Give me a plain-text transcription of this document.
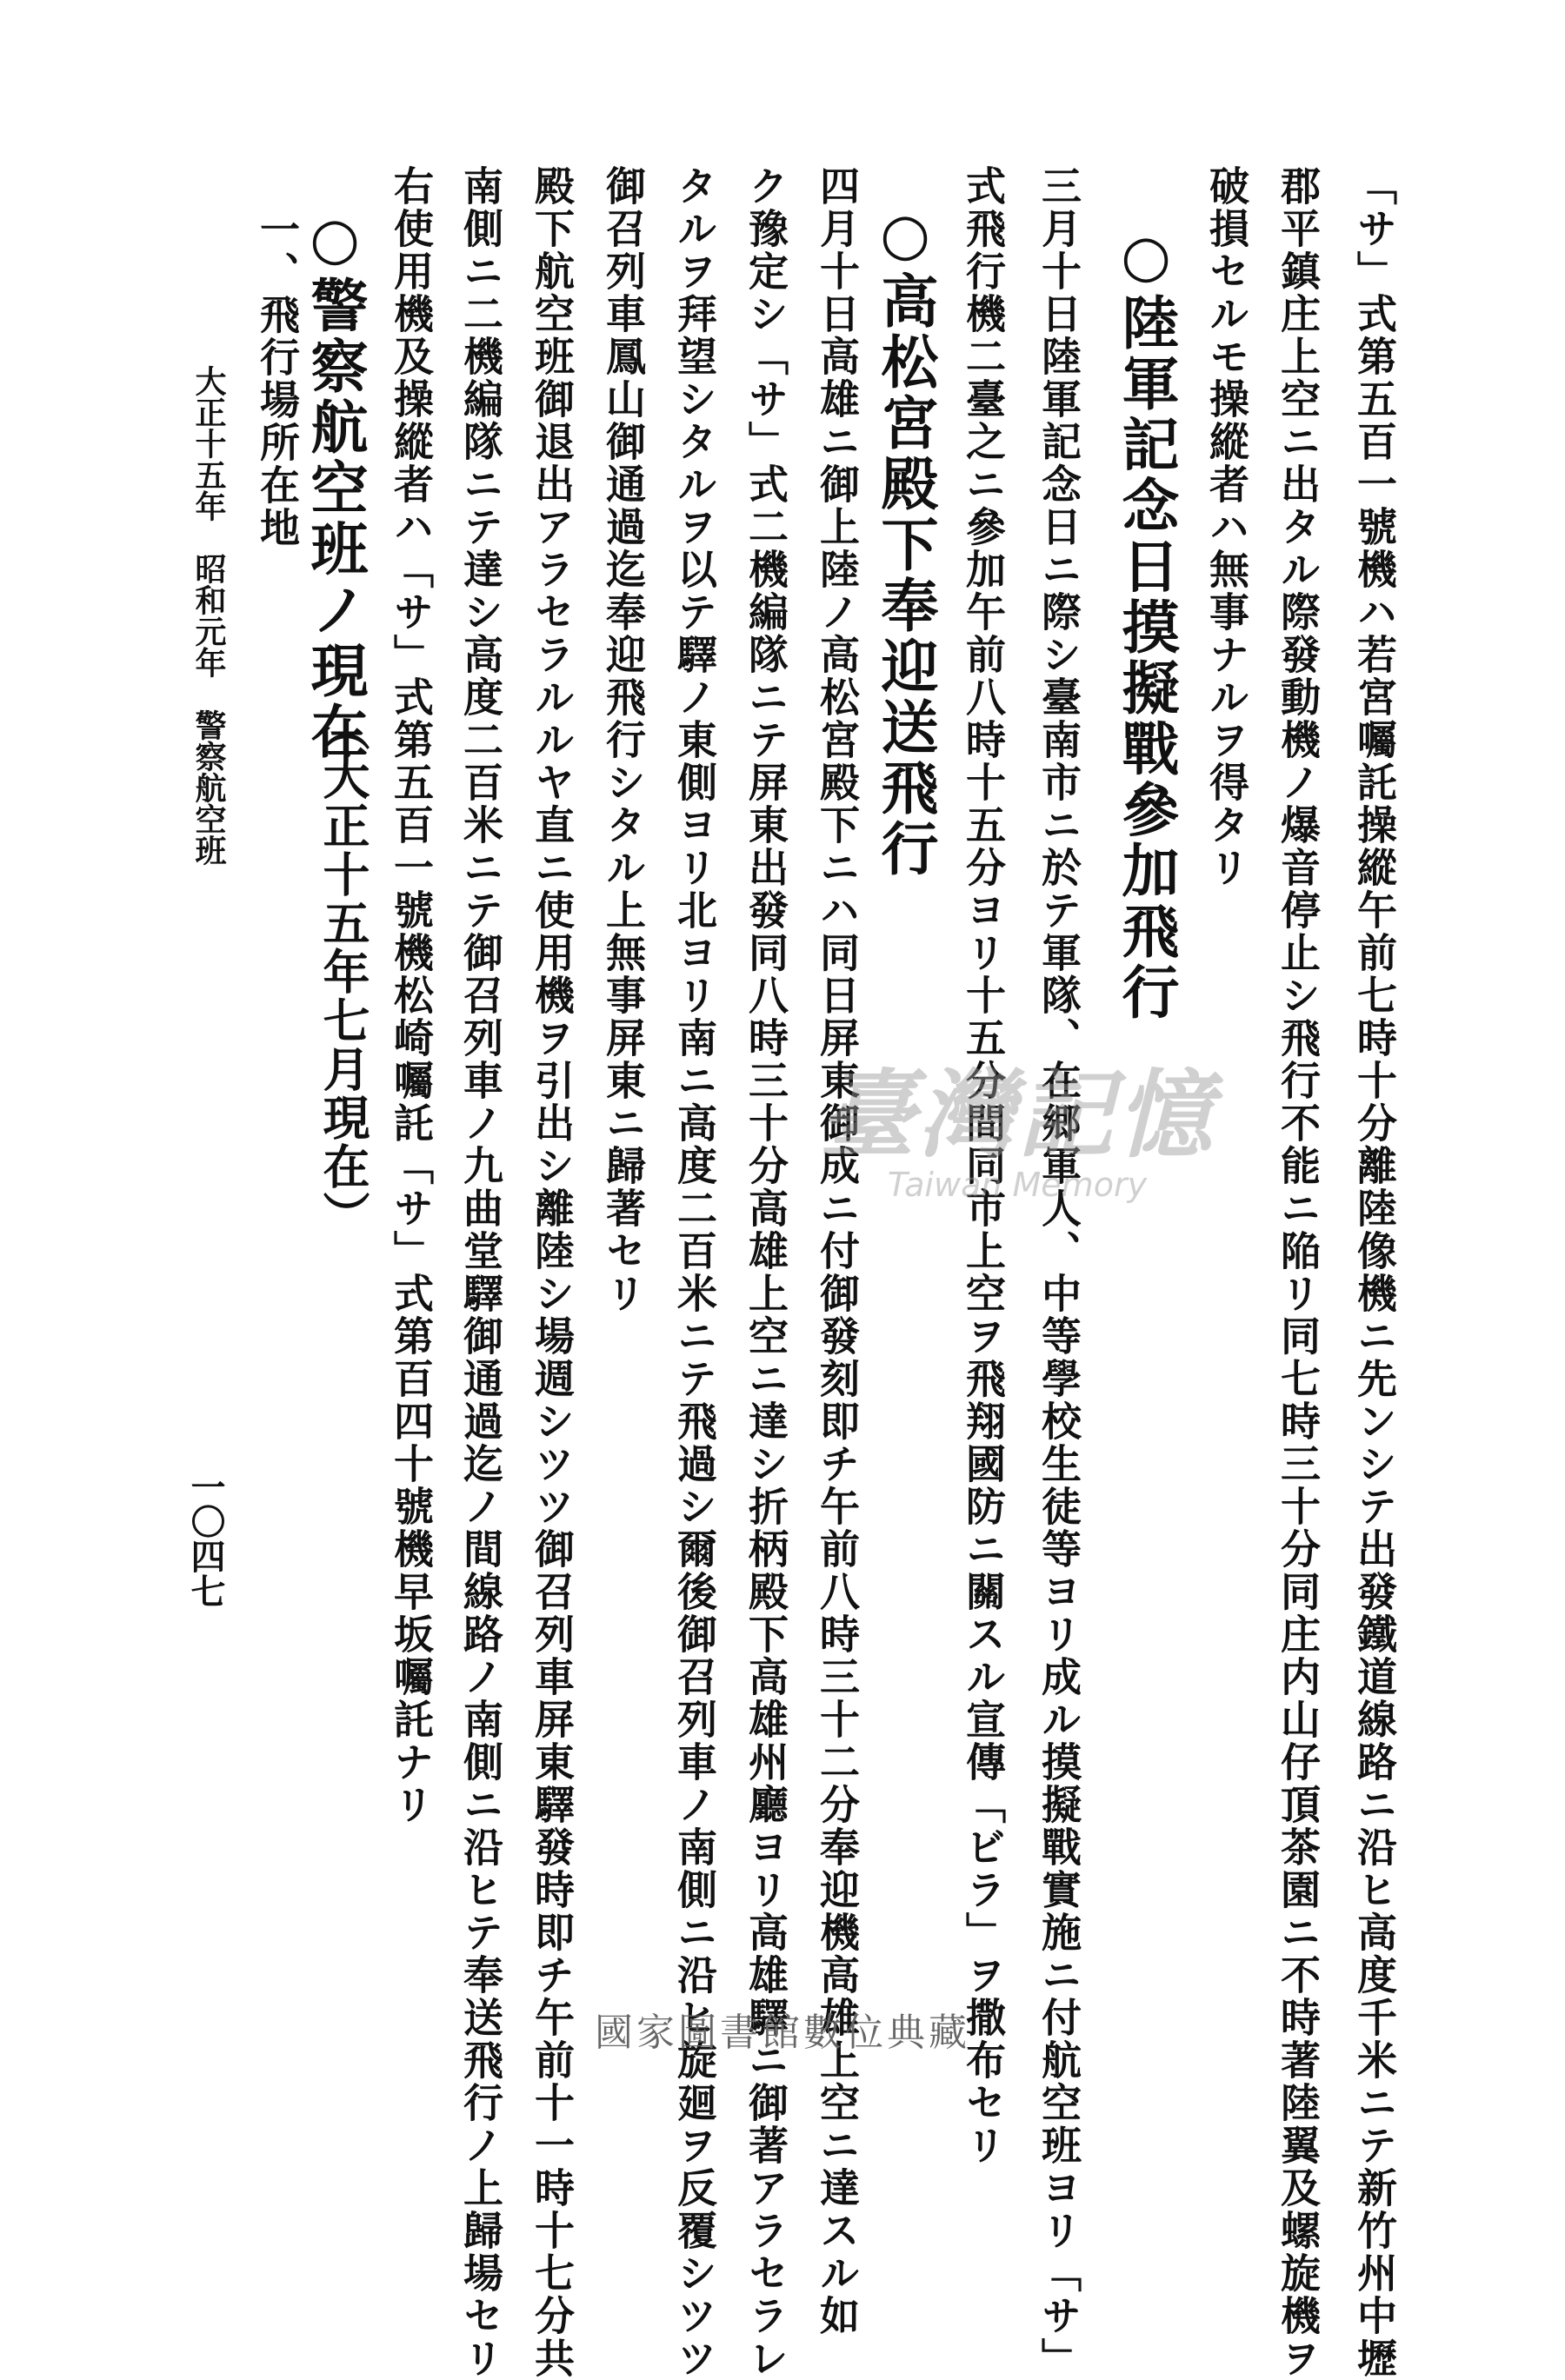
「サ」式第五百一號機ハ若宮囑託操縱午前七時十分離陸像機ニ先ンシテ出發鐵道線路ニ沿ヒ高度千米ニテ新竹州中壢
郡平鎮庄上空ニ出タル際發動機ノ爆音停止シ飛行不能ニ陥リ同七時三十分同庄内山仔頂茶園ニ不時著陸翼及螺旋機ヲ
破損セルモ操縱者ハ無事ナルヲ得タリ
○陸軍記念日摸擬戰參加飛行
三月十日陸軍記念日ニ際シ臺南市ニ於テ軍隊、在郷軍人、中等學校生徒等ヨリ成ル摸擬戰實施ニ付航空班ヨリ「サ」
式飛行機二臺之ニ參加午前八時十五分ヨリ十五分間同市上空ヲ飛翔國防ニ關スル宣傳「ビラ」ヲ撒布セリ
○高松宮殿下奉迎送飛行
四月十日高雄ニ御上陸ノ高松宮殿下ニハ同日屏東御成ニ付御發刻即チ午前八時三十二分奉迎機高雄上空ニ達スル如
ク豫定シ「サ」式二機編隊ニテ屏東出發同八時三十分高雄上空ニ達シ折柄殿下高雄州廳ヨリ高雄驛ニ御著アラセラレ
タルヲ拜望シタルヲ以テ驛ノ東側ヨリ北ヨリ南ニ高度二百米ニテ飛過シ爾後御召列車ノ南側ニ沿ヒ旋廻ヲ反覆シツツ
御召列車鳳山御通過迄奉迎飛行シタル上無事屏東ニ歸著セリ
殿下航空班御退出アラセラルルヤ直ニ使用機ヲ引出シ離陸シ場週シツツ御召列車屏東驛發時即チ午前十一時十七分共
南側ニ二機編隊ニテ達シ高度二百米ニテ御召列車ノ九曲堂驛御通過迄ノ間線路ノ南側ニ沿ヒテ奉送飛行ノ上歸場セリ
右使用機及操縱者ハ「サ」式第五百一號機松崎囑託「サ」式第百四十號機早坂囑託ナリ
○警察航空班ノ現在
（大正十五年七月現在）
一、飛行場所在地
大正十五年　昭和元年　警察航空班
一〇四七
臺灣記憶
Taiwan Memory
國家圖書館數位典藏
